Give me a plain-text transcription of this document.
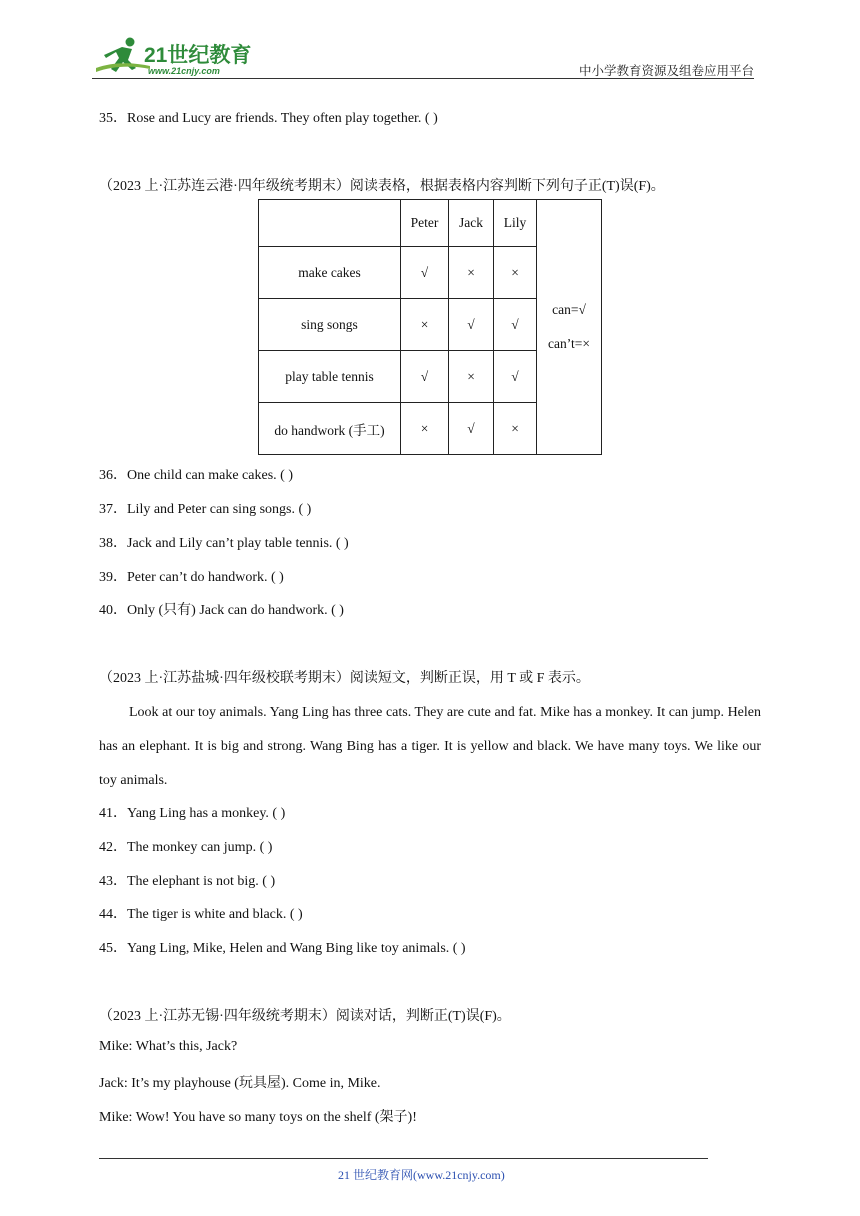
21世纪教育
www.21cnjy.com	中小学教育资源及组卷应用平台
35．Rose and Lucy are friends. They often play together. ( )
（2023 上·江苏连云港·四年级统考期末）阅读表格，根据表格内容判断下列句子正(T)误(F)。
	Peter	Jack	Lily	can=√
can’t=×

make cakes	√	×	×	
sing songs	×	√	√	
play table tennis	√	×	√	
do handwork (手工)	×	√	×	
36．One child can make cakes. ( )
37．Lily and Peter can sing songs. ( )
38．Jack and Lily can’t play table tennis. ( )
39．Peter can’t do handwork. ( )
40．Only (只有) Jack can do handwork. ( )
（2023 上·江苏盐城·四年级校联考期末）阅读短文，判断正误，用 T 或 F 表示。
Look at our toy animals. Yang Ling has three cats. They are cute and fat. Mike has a monkey. It can jump. Helen has an elephant. It is big and strong. Wang Bing has a tiger. It is yellow and black. We have many toys. We like our toy animals.
41．Yang Ling has a monkey. ( )
42．The monkey can jump. ( )
43．The elephant is not big. ( )
44．The tiger is white and black. ( )
45．Yang Ling, Mike, Helen and Wang Bing like toy animals. ( )
（2023 上·江苏无锡·四年级统考期末）阅读对话，判断正(T)误(F)。
Mike: What’s this, Jack?
Jack: It’s my playhouse (玩具屋). Come in, Mike.
Mike: Wow! You have so many toys on the shelf (架子)!
21 世纪教育网(www.21cnjy.com)
